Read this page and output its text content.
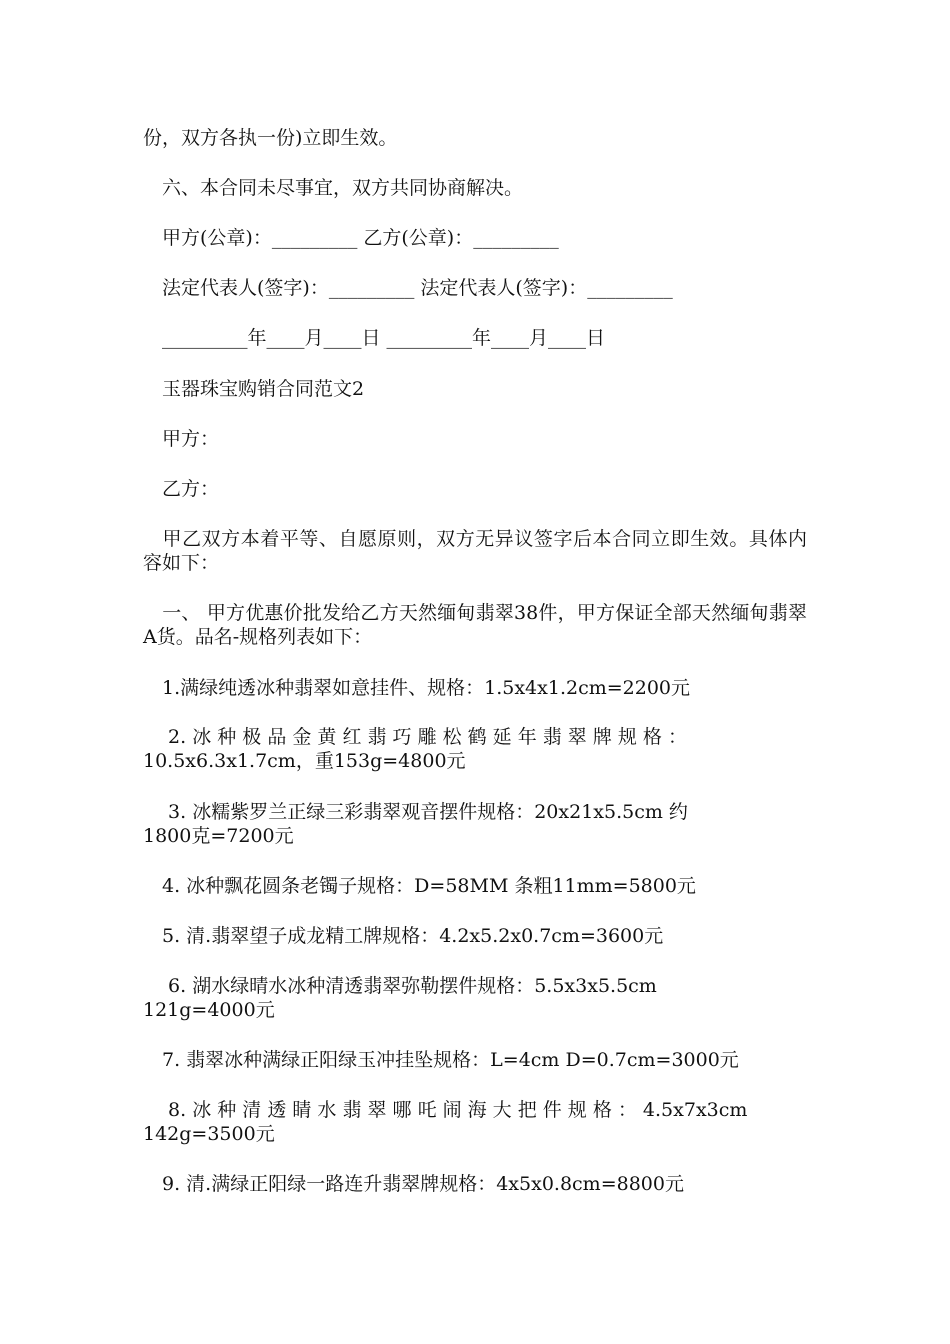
份，双方各执一份)立即生效。
　六、本合同未尽事宜，双方共同协商解决。
　甲方(公章)：_________ 乙方(公章)：_________
　法定代表人(签字)：_________ 法定代表人(签字)：_________
　_________年____月____日 _________年____月____日
　玉器珠宝购销合同范文2
　甲方：
　乙方：
　甲乙双方本着平等、自愿原则，双方无异议签字后本合同立即生效。具体内容如下：
　一、 甲方优惠价批发给乙方天然缅甸翡翠38件，甲方保证全部天然缅甸翡翠A货。品名-规格列表如下：
　1.满绿纯透冰种翡翠如意挂件、规格：1.5x4x1.2cm=2200元
　 2. 冰 种 极 品 金 黄 红 翡 巧 雕 松 鹤 延 年 翡 翠 牌 规 格 ：
10.5x6.3x1.7cm，重153g=4800元
　 3. 冰糯紫罗兰正绿三彩翡翠观音摆件规格：20x21x5.5cm 约
1800克=7200元
　4. 冰种飘花圆条老镯子规格：D=58MM 条粗11mm=5800元
　5. 清.翡翠望子成龙精工牌规格：4.2x5.2x0.7cm=3600元
　 6. 湖水绿晴水冰种清透翡翠弥勒摆件规格：5.5x3x5.5cm
121g=4000元
　7. 翡翠冰种满绿正阳绿玉冲挂坠规格：L=4cm D=0.7cm=3000元
　 8. 冰 种 清 透 睛 水 翡 翠 哪 吒 闹 海 大 把 件 规 格 ： 4.5x7x3cm
142g=3500元
　9. 清.满绿正阳绿一路连升翡翠牌规格：4x5x0.8cm=8800元
